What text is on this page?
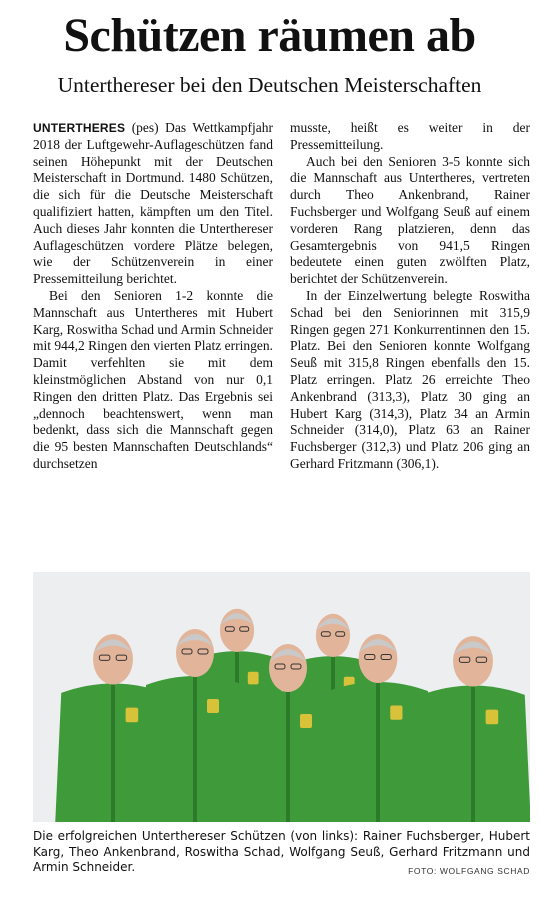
Schützen räumen ab
Unterthereser bei den Deutschen Meisterschaften

UNTERTHERES (pes) Das Wettkampfjahr 2018 der Luftgewehr-Auflageschützen fand seinen Höhepunkt mit der Deutschen Meisterschaft in Dortmund. 1480 Schützen, die sich für die Deutsche Meisterschaft qualifiziert hatten, kämpften um den Titel. Auch dieses Jahr konnten die Unterthereser Auflageschützen vordere Plätze belegen, wie der Schützenverein in einer Pressemitteilung berichtet.

Bei den Senioren 1-2 konnte die Mannschaft aus Untertheres mit Hubert Karg, Roswitha Schad und Armin Schneider mit 944,2 Ringen den vierten Platz erringen. Damit verfehlten sie mit dem kleinstmöglichen Abstand von nur 0,1 Ringen den dritten Platz. Das Ergebnis sei „dennoch beachtenswert, wenn man bedenkt, dass sich die Mannschaft gegen die 95 besten Mannschaften Deutschlands“ durchsetzen

musste, heißt es weiter in der Pressemitteilung.

Auch bei den Senioren 3-5 konnte sich die Mannschaft aus Untertheres, vertreten durch Theo Ankenbrand, Rainer Fuchsberger und Wolfgang Seuß auf einem vorderen Rang platzieren, denn das Gesamtergebnis von 941,5 Ringen bedeutete einen guten zwölften Platz, berichtet der Schützenverein.

In der Einzelwertung belegte Roswitha Schad bei den Seniorinnen mit 315,9 Ringen gegen 271 Konkurrentinnen den 15. Platz. Bei den Senioren konnte Wolfgang Seuß mit 315,8 Ringen ebenfalls den 15. Platz erringen. Platz 26 erreichte Theo Ankenbrand (313,3), Platz 30 ging an Hubert Karg (314,3), Platz 34 an Armin Schneider (314,0), Platz 63 an Rainer Fuchsberger (312,3) und Platz 206 ging an Gerhard Fritzmann (306,1).

Die erfolgreichen Unterthereser Schützen (von links): Rainer Fuchsberger, Hubert Karg, Theo Ankenbrand, Roswitha Schad, Wolfgang Seuß, Gerhard Fritzmann und Armin Schneider.	FOTO: WOLFGANG SCHAD
